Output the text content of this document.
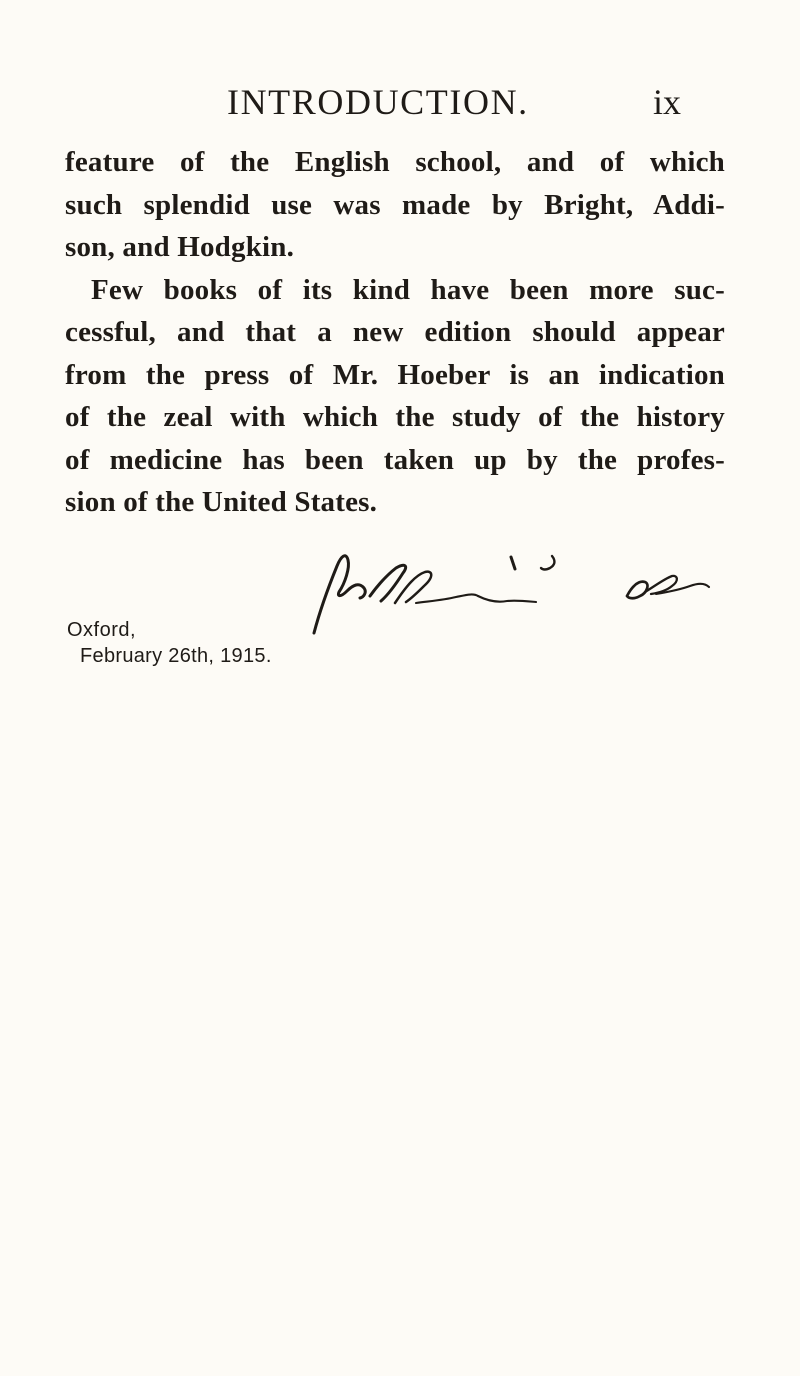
INTRODUCTION.	ix
feature of the English school, and of which
such splendid use was made by Bright, Addi-
son, and Hodgkin.
Few books of its kind have been more suc-
cessful, and that a new edition should appear
from the press of Mr. Hoeber is an indication
of the zeal with which the study of the history
of medicine has been taken up by the profes-
sion of the United States.
Oxford,
February 26th, 1915.
